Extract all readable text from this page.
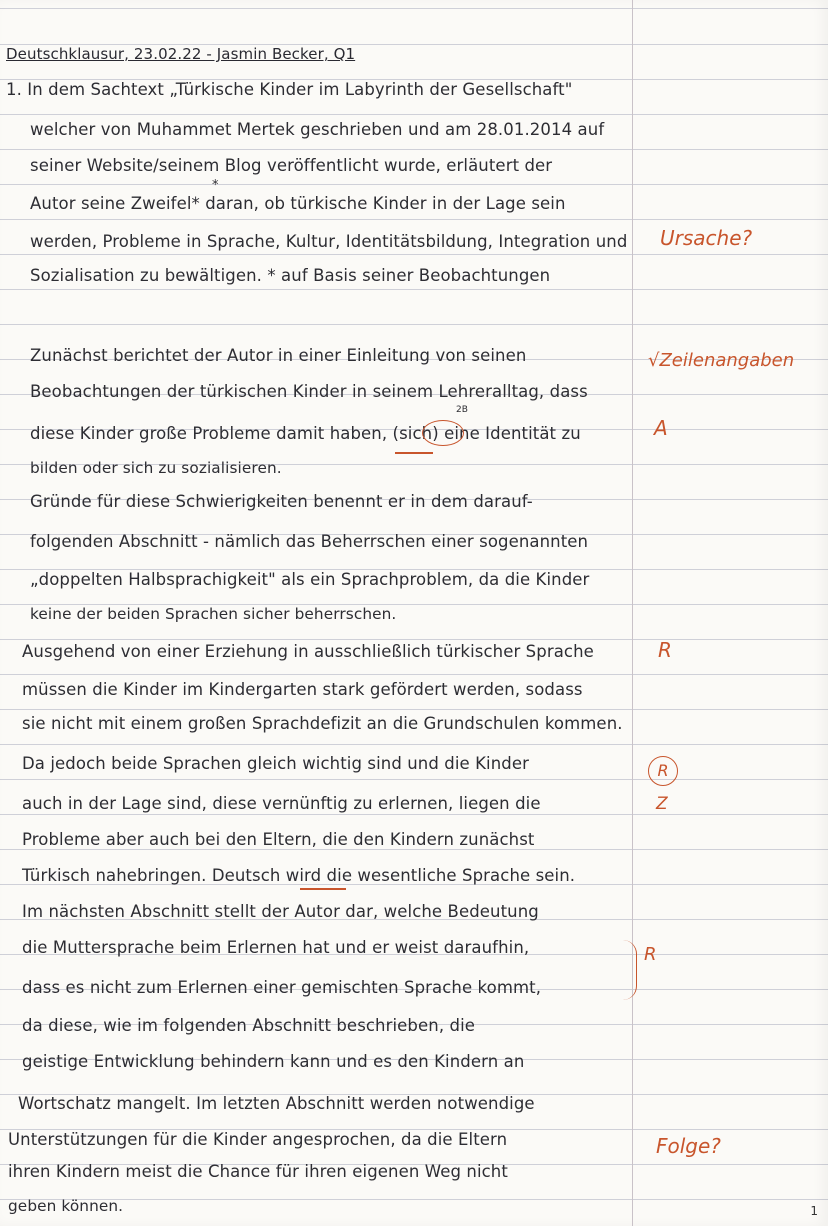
Deutschklausur, 23.02.22 - Jasmin Becker, Q1
1. In dem Sachtext „Türkische Kinder im Labyrinth der Gesellschaft"
welcher von Muhammet Mertek geschrieben und am 28.01.2014 auf
seiner Website/seinem Blog veröffentlicht wurde, erläutert der
Autor seine Zweifel* daran, ob türkische Kinder in der Lage sein
werden, Probleme in Sprache, Kultur, Identitätsbildung, Integration und
Sozialisation zu bewältigen. * auf Basis seiner Beobachtungen
Zunächst berichtet der Autor in einer Einleitung von seinen
Beobachtungen der türkischen Kinder in seinem Lehreralltag, dass
diese Kinder große Probleme damit haben, (sich) eine Identität zu
bilden oder sich zu sozialisieren.
Gründe für diese Schwierigkeiten benennt er in dem darauf-
folgenden Abschnitt - nämlich das Beherrschen einer sogenannten
„doppelten Halbsprachigkeit" als ein Sprachproblem, da die Kinder
keine der beiden Sprachen sicher beherrschen.
Ausgehend von einer Erziehung in ausschließlich türkischer Sprache
müssen die Kinder im Kindergarten stark gefördert werden, sodass
sie nicht mit einem großen Sprachdefizit an die Grundschulen kommen.
Da jedoch beide Sprachen gleich wichtig sind und die Kinder
auch in der Lage sind, diese vernünftig zu erlernen, liegen die
Probleme aber auch bei den Eltern, die den Kindern zunächst
Türkisch nahebringen. Deutsch wird die wesentliche Sprache sein.
Im nächsten Abschnitt stellt der Autor dar, welche Bedeutung
die Muttersprache beim Erlernen hat und er weist daraufhin,
dass es nicht zum Erlernen einer gemischten Sprache kommt,
da diese, wie im folgenden Abschnitt beschrieben, die
geistige Entwicklung behindern kann und es den Kindern an
Wortschatz mangelt. Im letzten Abschnitt werden notwendige
Unterstützungen für die Kinder angesprochen, da die Eltern
ihren Kindern meist die Chance für ihren eigenen Weg nicht
geben können.
*
2B
Ursache?
√Zeilenangaben
A
R
R
Z
R
Folge?
1
